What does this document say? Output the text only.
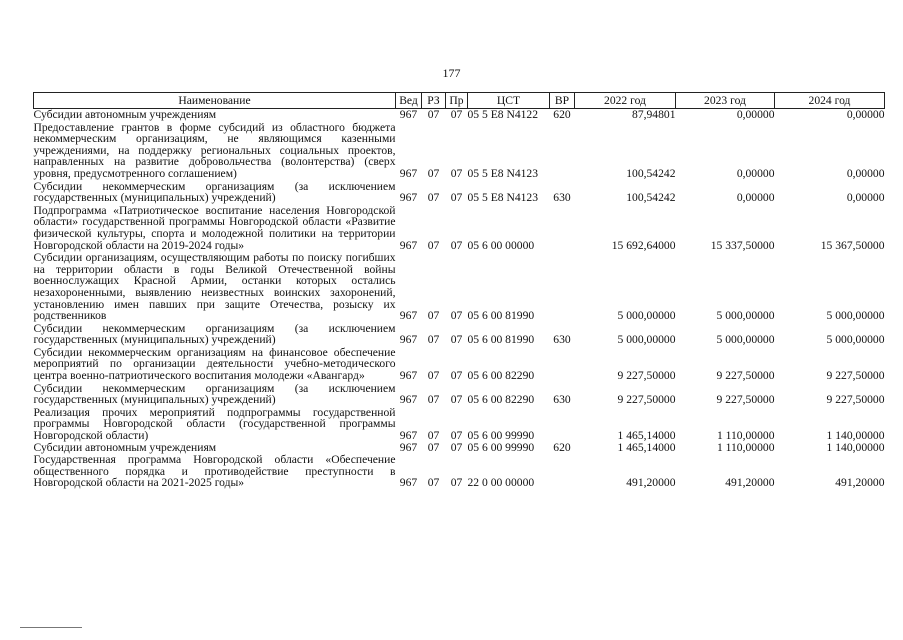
177
Наименование	Вед	РЗ	Пр	ЦСТ	ВР	2022 год	2023 год	2024 год
Субсидии автономным учреждениям	967	07	07	05 5 Е8 N4122	620	87,94801	0,00000	0,00000
Предоставление грантов в форме субсидий из областного бюджета некоммерческим организациям, не являющимся казенными учреждениями, на поддержку региональных социальных проектов, направленных на развитие добровольчества (волонтерства) (сверх уровня, предусмотренного соглашением)	967	07	07	05 5 Е8 N4123		100,54242	0,00000	0,00000
Субсидии некоммерческим организациям (за исключением государственных (муниципальных) учреждений)	967	07	07	05 5 Е8 N4123	630	100,54242	0,00000	0,00000
Подпрограмма «Патриотическое воспитание населения Новгородской области» государственной программы Новгородской области «Развитие физической культуры, спорта и молодежной политики на территории Новгородской области на 2019-2024 годы»	967	07	07	05 6 00 00000		15 692,64000	15 337,50000	15 367,50000
Субсидии организациям, осуществляющим работы по поиску погибших на территории области в годы Великой Отечественной войны военнослужащих Красной Армии, останки которых остались незахороненными, выявлению неизвестных воинских захоронений, установлению имен павших при защите Отечества, розыску их родственников	967	07	07	05 6 00 81990		5 000,00000	5 000,00000	5 000,00000
Субсидии некоммерческим организациям (за исключением государственных (муниципальных) учреждений)	967	07	07	05 6 00 81990	630	5 000,00000	5 000,00000	5 000,00000
Субсидии некоммерческим организациям на финансовое обеспечение мероприятий по организации деятельности учебно-методического центра военно-патриотического воспитания молодежи «Авангард»	967	07	07	05 6 00 82290		9 227,50000	9 227,50000	9 227,50000
Субсидии некоммерческим организациям (за исключением государственных (муниципальных) учреждений)	967	07	07	05 6 00 82290	630	9 227,50000	9 227,50000	9 227,50000
Реализация прочих мероприятий подпрограммы государственной программы Новгородской области (государственной программы Новгородской области)	967	07	07	05 6 00 99990		1 465,14000	1 110,00000	1 140,00000
Субсидии автономным учреждениям	967	07	07	05 6 00 99990	620	1 465,14000	1 110,00000	1 140,00000
Государственная программа Новгородской области «Обеспечение общественного порядка и противодействие преступности в Новгородской области на 2021-2025 годы»	967	07	07	22 0 00 00000		491,20000	491,20000	491,20000
